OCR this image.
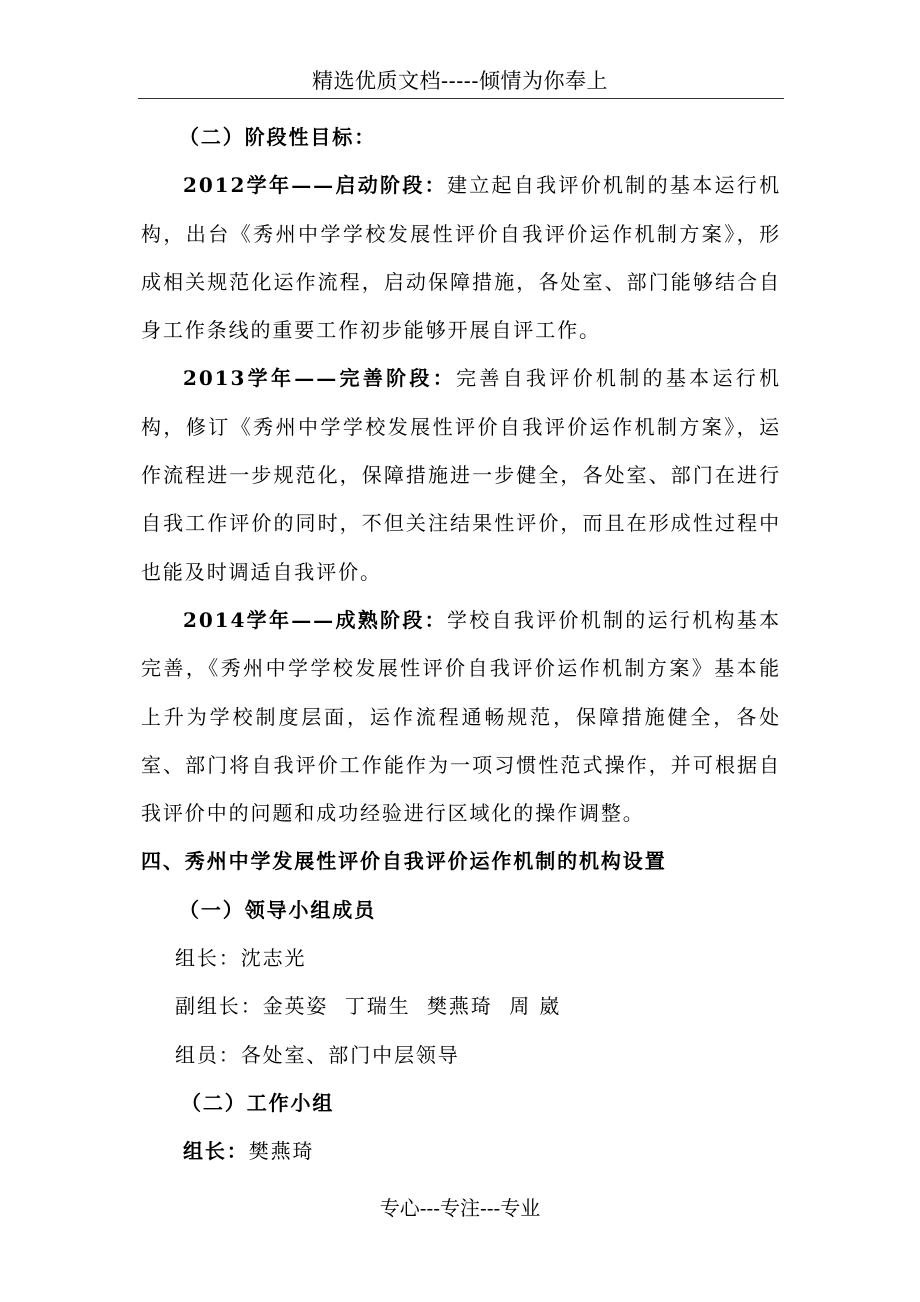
精选优质文档-----倾情为你奉上

（二）阶段性目标：

2012学年——启动阶段：建立起自我评价机制的基本运行机构，出台《秀州中学学校发展性评价自我评价运作机制方案》，形成相关规范化运作流程，启动保障措施，各处室、部门能够结合自身工作条线的重要工作初步能够开展自评工作。

2013学年——完善阶段：完善自我评价机制的基本运行机构，修订《秀州中学学校发展性评价自我评价运作机制方案》，运作流程进一步规范化，保障措施进一步健全，各处室、部门在进行自我工作评价的同时，不但关注结果性评价，而且在形成性过程中也能及时调适自我评价。

2014学年——成熟阶段：学校自我评价机制的运行机构基本完善，《秀州中学学校发展性评价自我评价运作机制方案》基本能上升为学校制度层面，运作流程通畅规范，保障措施健全，各处室、部门将自我评价工作能作为一项习惯性范式操作，并可根据自我评价中的问题和成功经验进行区域化的操作调整。

四、秀州中学发展性评价自我评价运作机制的机构设置

（一）领导小组成员

组长：沈志光

副组长：金英姿  丁瑞生  樊燕琦  周 崴

组员：各处室、部门中层领导

（二）工作小组

组长：樊燕琦

专心---专注---专业
